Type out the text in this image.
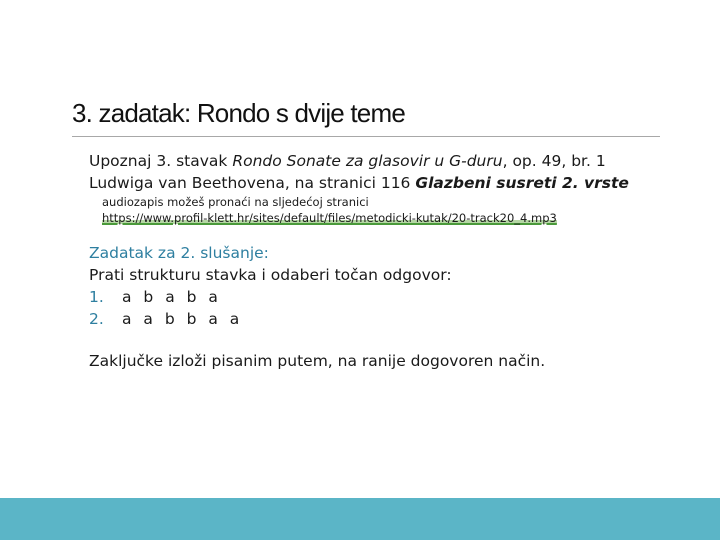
3. zadatak: Rondo s dvije teme

Upoznaj 3. stavak Rondo Sonate za glasovir u G-duru, op. 49, br. 1

Ludwiga van Beethovena, na stranici 116 Glazbeni susreti 2. vrste

audiozapis možeš pronaći na sljedećoj stranici

https://www.profil-klett.hr/sites/default/files/metodicki-kutak/20-track20_4.mp3

Zadatak za 2. slušanje:

Prati strukturu stavka i odaberi točan odgovor:

1. a b a b a

2. a a b b a a

Zaključke izloži pisanim putem, na ranije dogovoren način.
